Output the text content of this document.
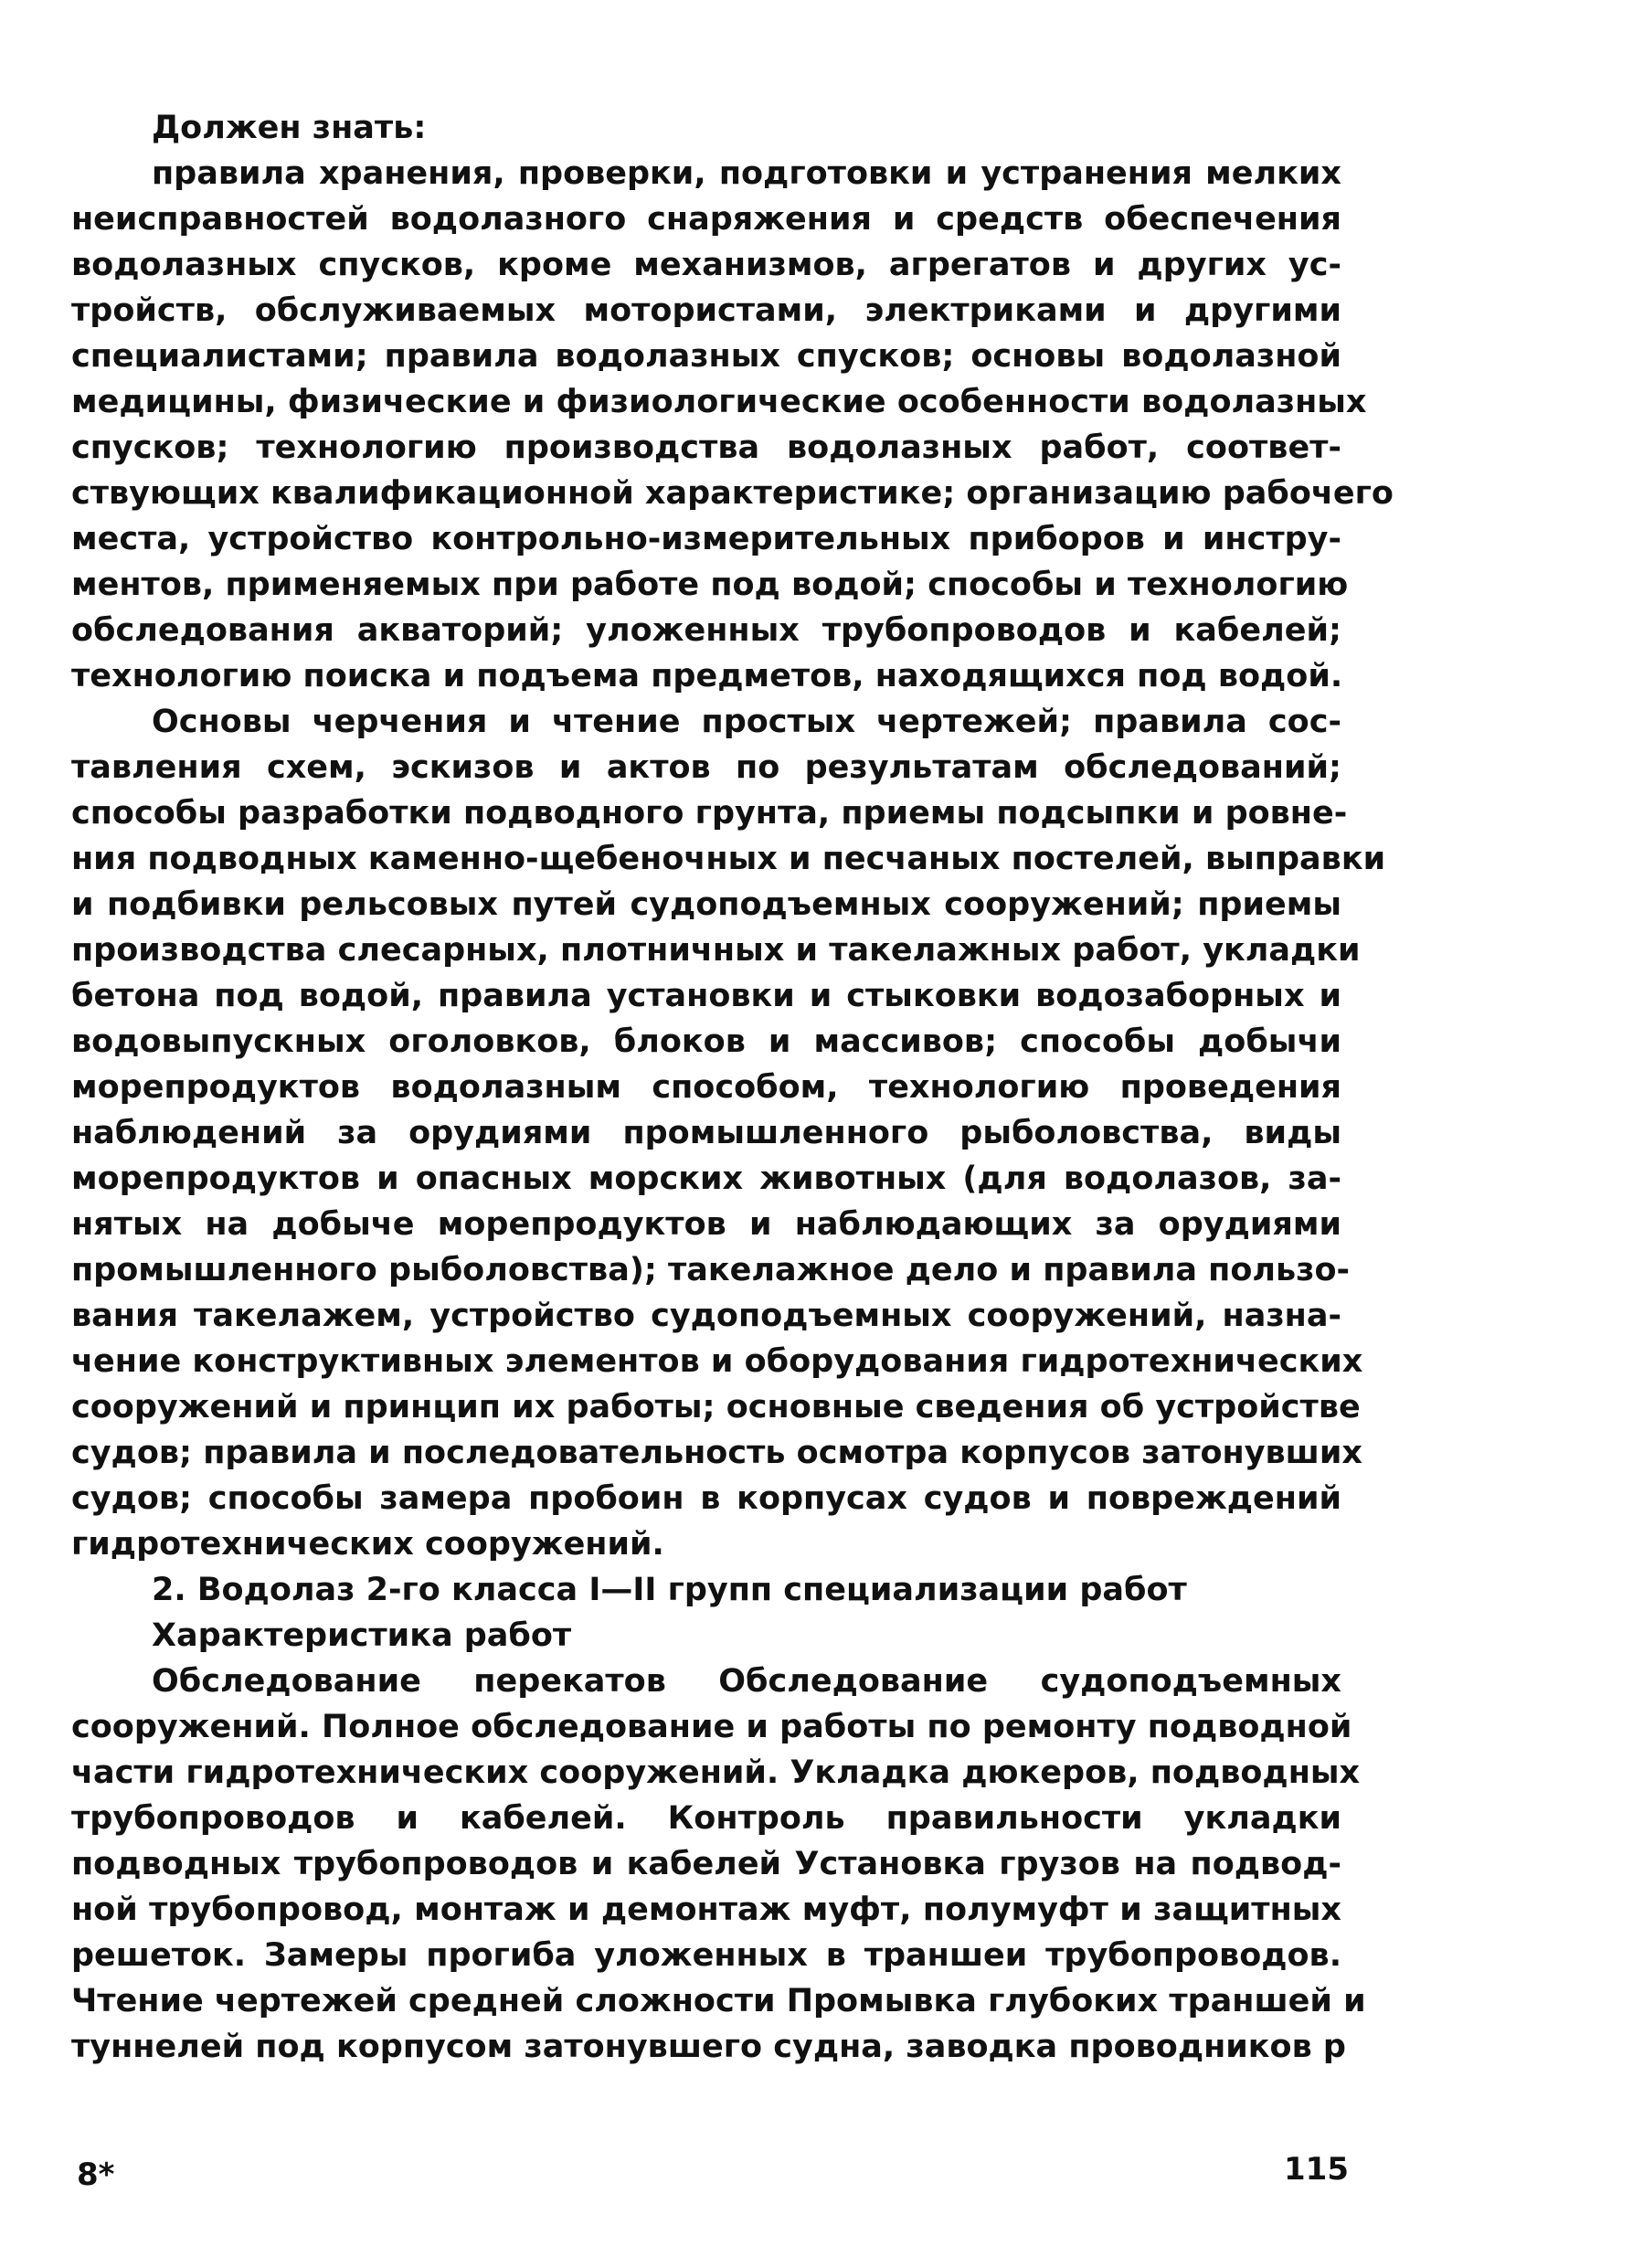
Должен знать:
правила хранения, проверки, подготовки и устранения мелких
неисправностей водолазного снаряжения и средств обеспечения
водолазных спусков, кроме механизмов, агрегатов и других ус-
тройств, обслуживаемых мотористами, электриками и другими
специалистами; правила водолазных спусков; основы водолазной
медицины, физические и физиологические особенности водолазных
спусков; технологию производства водолазных работ, соответ-
ствующих квалификационной характеристике; организацию рабочего
места, устройство контрольно-измерительных приборов и инстру-
ментов, применяемых при работе под водой; способы и технологию
обследования акваторий; уложенных трубопроводов и кабелей;
технологию поиска и подъема предметов, находящихся под водой.
Основы черчения и чтение простых чертежей; правила сос-
тавления схем, эскизов и актов по результатам обследований;
способы разработки подводного грунта, приемы подсыпки и ровне-
ния подводных каменно-щебеночных и песчаных постелей, выправки
и подбивки рельсовых путей судоподъемных сооружений; приемы
производства слесарных, плотничных и такелажных работ, укладки
бетона под водой, правила установки и стыковки водозаборных и
водовыпускных оголовков, блоков и массивов; способы добычи
морепродуктов водолазным способом, технологию проведения
наблюдений за орудиями промышленного рыболовства, виды
морепродуктов и опасных морских животных (для водолазов, за-
нятых на добыче морепродуктов и наблюдающих за орудиями
промышленного рыболовства); такелажное дело и правила пользо-
вания такелажем, устройство судоподъемных сооружений, назна-
чение конструктивных элементов и оборудования гидротехнических
сооружений и принцип их работы; основные сведения об устройстве
судов; правила и последовательность осмотра корпусов затонувших
судов; способы замера пробоин в корпусах судов и повреждений
гидротехнических сооружений.
2. Водолаз 2-го класса I—II групп специализации работ
Характеристика работ
Обследование перекатов Обследование судоподъемных
сооружений. Полное обследование и работы по ремонту подводной
части гидротехнических сооружений. Укладка дюкеров, подводных
трубопроводов и кабелей. Контроль правильности укладки
подводных трубопроводов и кабелей Установка грузов на подвод-
ной трубопровод, монтаж и демонтаж муфт, полумуфт и защитных
решеток. Замеры прогиба уложенных в траншеи трубопроводов.
Чтение чертежей средней сложности Промывка глубоких траншей и
туннелей под корпусом затонувшего судна, заводка проводников р
8*	115
